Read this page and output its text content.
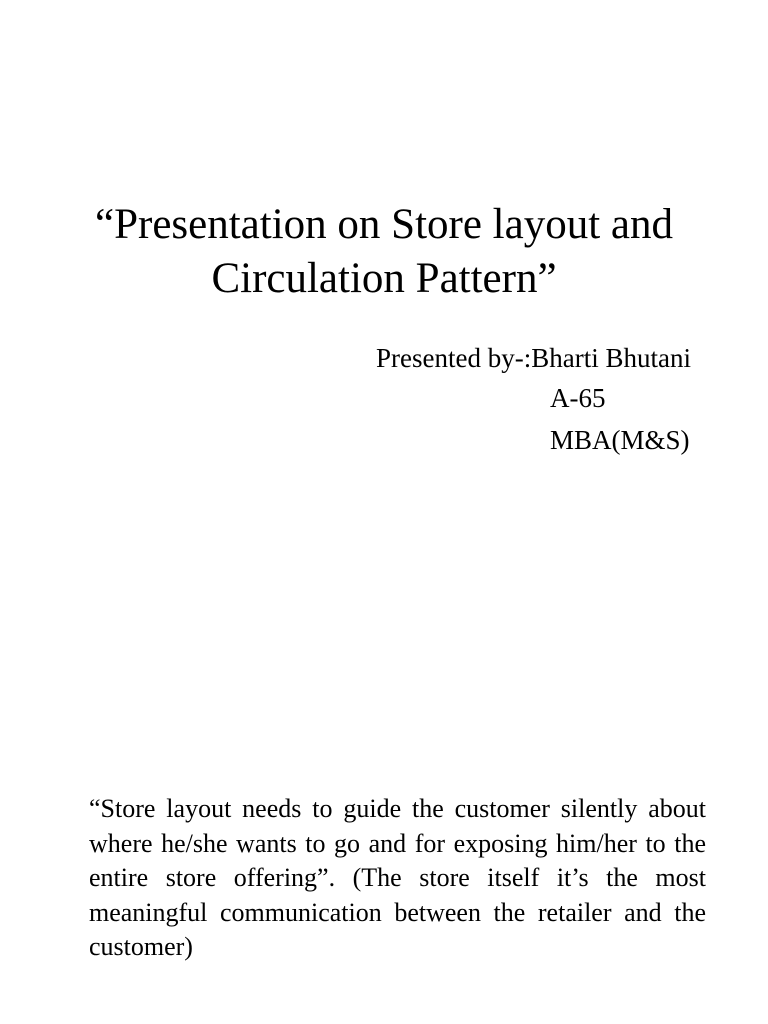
“Presentation on Store layout and
Circulation Pattern”
Presented by-:Bharti Bhutani
A-65
MBA(M&S)

“Store layout needs to guide the customer silently about where he/she wants to go and for exposing him/her to the entire store offering”. (The store itself it’s the most meaningful communication between the retailer and the customer)
